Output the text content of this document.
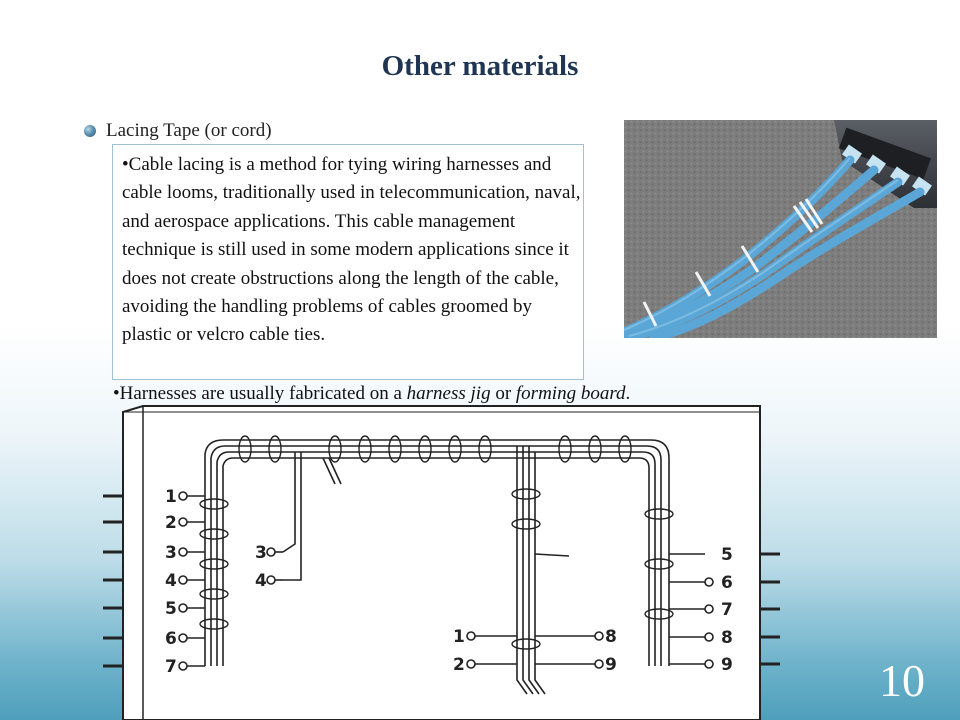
Other materials
Lacing Tape (or cord)
•Cable lacing is a method for tying wiring harnesses and cable looms, traditionally used in telecommunication, naval, and aerospace applications. This cable management technique is still used in some modern applications since it does not create obstructions along the length of the cable, avoiding the handling problems of cables groomed by plastic or velcro cable ties.
•Harnesses are usually fabricated on a harness jig or forming board.
1
2
3
4
5
6
7
3
4
1
2
8
9
5
6
7
8
9	10
